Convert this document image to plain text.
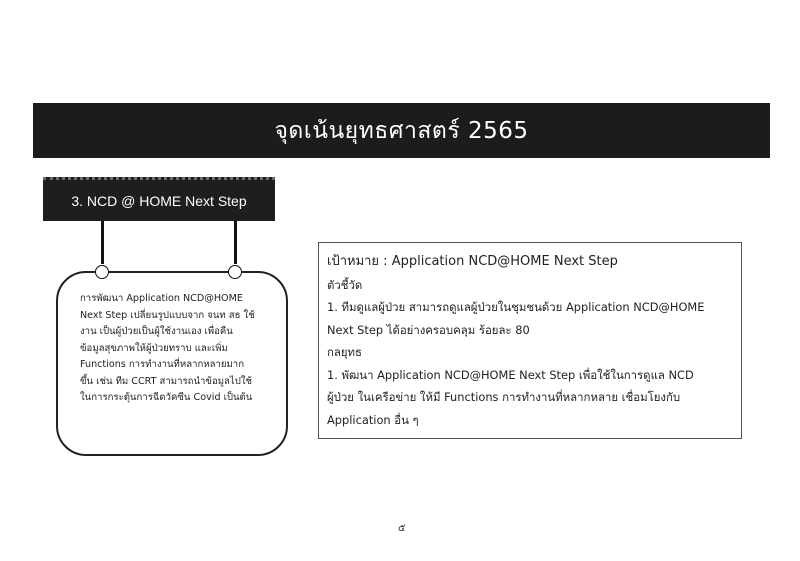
จุดเน้นยุทธศาสตร์ 2565
3. NCD @ HOME Next Step
การพัฒนา Application NCD@HOME
Next Step เปลี่ยนรูปแบบจาก จนท สธ ใช้
งาน เป็นผู้ป่วยเป็นผู้ใช้งานเอง เพื่อคืน
ข้อมูลสุขภาพให้ผู้ป่วยทราบ และเพิ่ม
Functions การทำงานที่หลากหลายมาก
ขึ้น เช่น ทีม CCRT สามารถนำข้อมูลไปใช้
ในการกระตุ้นการฉีดวัคซีน Covid เป็นต้น
เป้าหมาย : Application NCD@HOME Next Step
ตัวชี้วัด
1. ทีมดูแลผู้ป่วย สามารถดูแลผู้ป่วยในชุมชนด้วย Application NCD@HOME
Next Step ได้อย่างครอบคลุม ร้อยละ 80
กลยุทธ
1. พัฒนา Application NCD@HOME Next Step เพื่อใช้ในการดูแล NCD
ผู้ป่วย ในเครือข่าย ให้มี Functions การทำงานที่หลากหลาย เชื่อมโยงกับ
Application อื่น ๆ
๕
